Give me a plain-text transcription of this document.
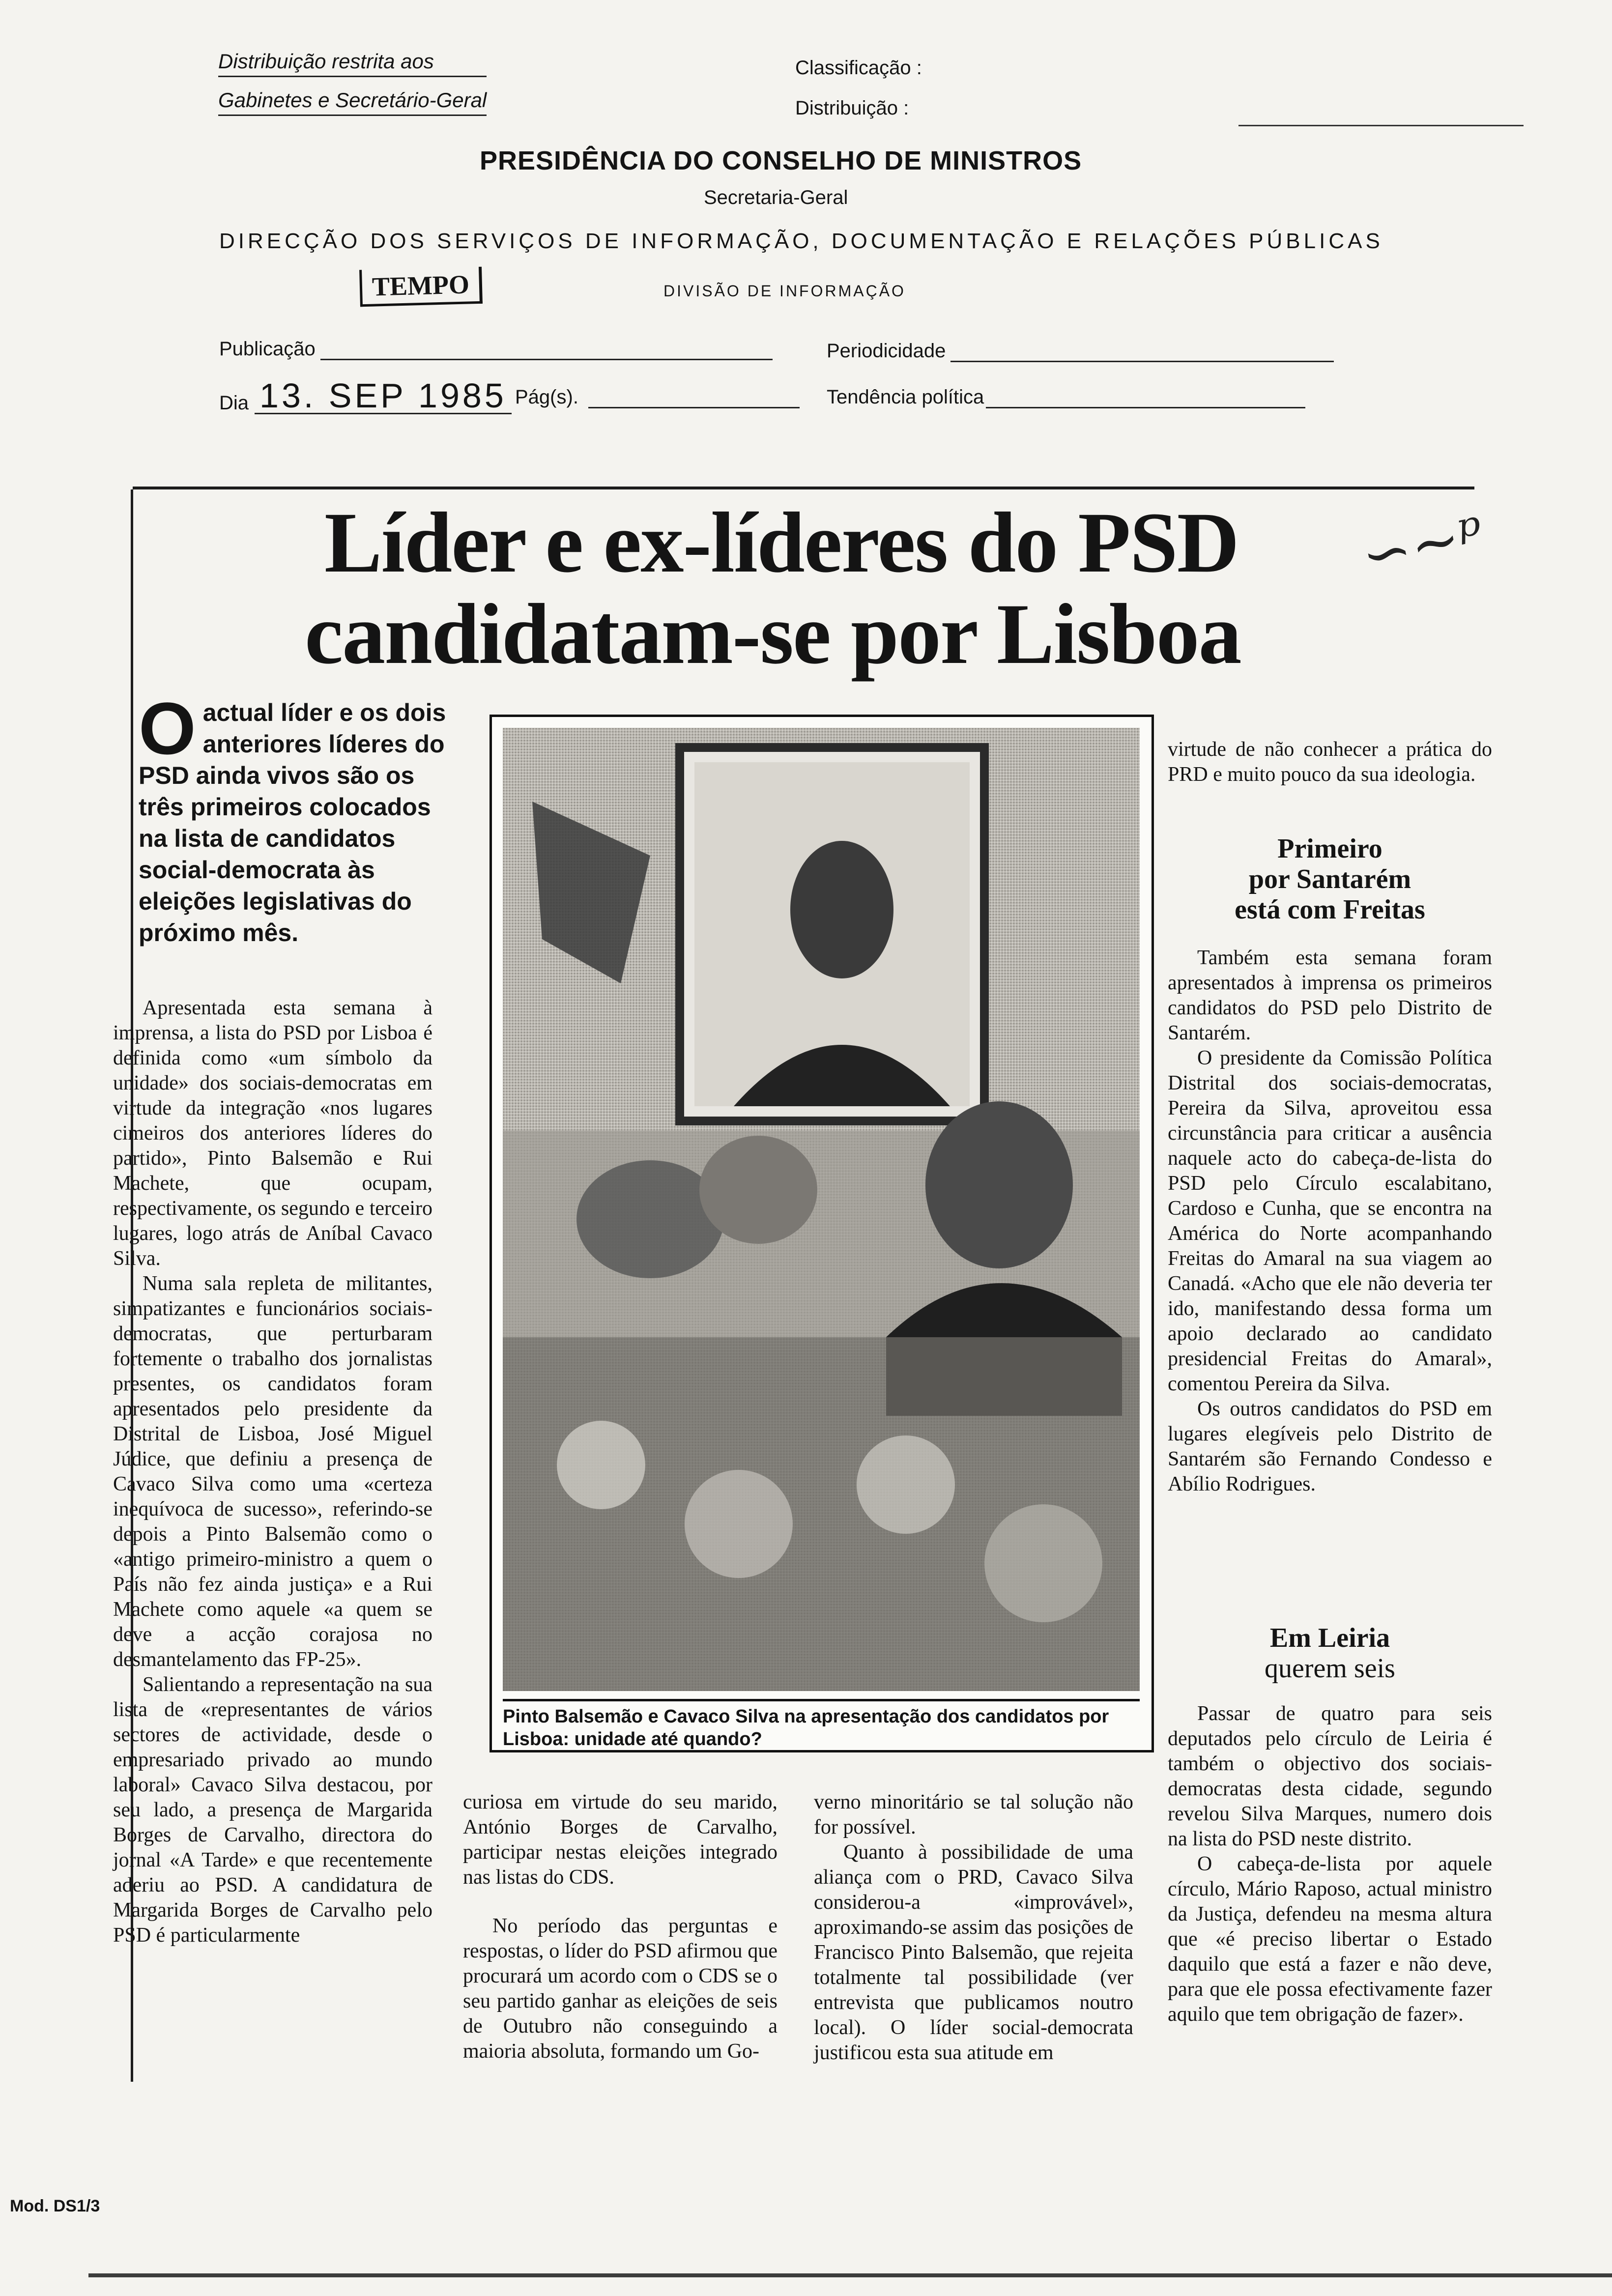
Distribuição restrita aos
Gabinetes e Secretário-Geral
Classificação :
Distribuição :
PRESIDÊNCIA DO CONSELHO DE MINISTROS
Secretaria-Geral
DIRECÇÃO DOS SERVIÇOS DE INFORMAÇÃO, DOCUMENTAÇÃO E RELAÇÕES PÚBLICAS
TEMPO	DIVISÃO DE INFORMAÇÃO
Publicação	Periodicidade
Dia 13. SEP 1985 Pág(s).	Tendência política
Líder e ex-líderes do PSD
candidatam-se por Lisboa
∽∼ᵖ
O actual líder e os dois anteriores líderes do PSD ainda vivos são os três primeiros colocados na lista de candidatos social-democrata às eleições legislativas do próximo mês.

Apresentada esta semana à imprensa, a lista do PSD por Lisboa é definida como «um símbolo da unidade» dos sociais-democratas em virtude da integração «nos lugares cimeiros dos anteriores líderes do partido», Pinto Balsemão e Rui Machete, que ocupam, respectivamente, os segundo e terceiro lugares, logo atrás de Aníbal Cavaco Silva.

Numa sala repleta de militantes, simpatizantes e funcionários sociais-democratas, que perturbaram fortemente o trabalho dos jornalistas presentes, os candidatos foram apresentados pelo presidente da Distrital de Lisboa, José Miguel Júdice, que definiu a presença de Cavaco Silva como uma «certeza inequívoca de sucesso», referindo-se depois a Pinto Balsemão como o «antigo primeiro-ministro a quem o País não fez ainda justiça» e a Rui Machete como aquele «a quem se deve a acção corajosa no desmantelamento das FP-25».

Salientando a representação na sua lista de «representantes de vários sectores de actividade, desde o empresariado privado ao mundo laboral» Cavaco Silva destacou, por seu lado, a presença de Margarida Borges de Carvalho, directora do jornal «A Tarde» e que recentemente aderiu ao PSD. A candidatura de Margarida Borges de Carvalho pelo PSD é particularmente

Pinto Balsemão e Cavaco Silva na apresentação dos candidatos por Lisboa: unidade até quando?

curiosa em virtude do seu marido, António Borges de Carvalho, participar nestas eleições integrado nas listas do CDS.

No período das perguntas e respostas, o líder do PSD afirmou que procurará um acordo com o CDS se o seu partido ganhar as eleições de seis de Outubro não conseguindo a maioria absoluta, formando um Go-

verno minoritário se tal solução não for possível.

Quanto à possibilidade de uma aliança com o PRD, Cavaco Silva considerou-a «improvável», aproximando-se assim das posições de Francisco Pinto Balsemão, que rejeita totalmente tal possibilidade (ver entrevista que publicamos noutro local). O líder social-democrata justificou esta sua atitude em

virtude de não conhecer a prática do PRD e muito pouco da sua ideologia.

Primeiro
por Santarém
está com Freitas

Também esta semana foram apresentados à imprensa os primeiros candidatos do PSD pelo Distrito de Santarém.

O presidente da Comissão Política Distrital dos sociais-democratas, Pereira da Silva, aproveitou essa circunstância para criticar a ausência naquele acto do cabeça-de-lista do PSD pelo Círculo escalabitano, Cardoso e Cunha, que se encontra na América do Norte acompanhando Freitas do Amaral na sua viagem ao Canadá. «Acho que ele não deveria ter ido, manifestando dessa forma um apoio declarado ao candidato presidencial Freitas do Amaral», comentou Pereira da Silva.

Os outros candidatos do PSD em lugares elegíveis pelo Distrito de Santarém são Fernando Condesso e Abílio Rodrigues.

Em Leiria
querem seis

Passar de quatro para seis deputados pelo círculo de Leiria é também o objectivo dos sociais-democratas desta cidade, segundo revelou Silva Marques, numero dois na lista do PSD neste distrito.

O cabeça-de-lista por aquele círculo, Mário Raposo, actual ministro da Justiça, defendeu na mesma altura que «é preciso libertar o Estado daquilo que está a fazer e não deve, para que ele possa efectivamente fazer aquilo que tem obrigação de fazer».

Mod. DS1/3
